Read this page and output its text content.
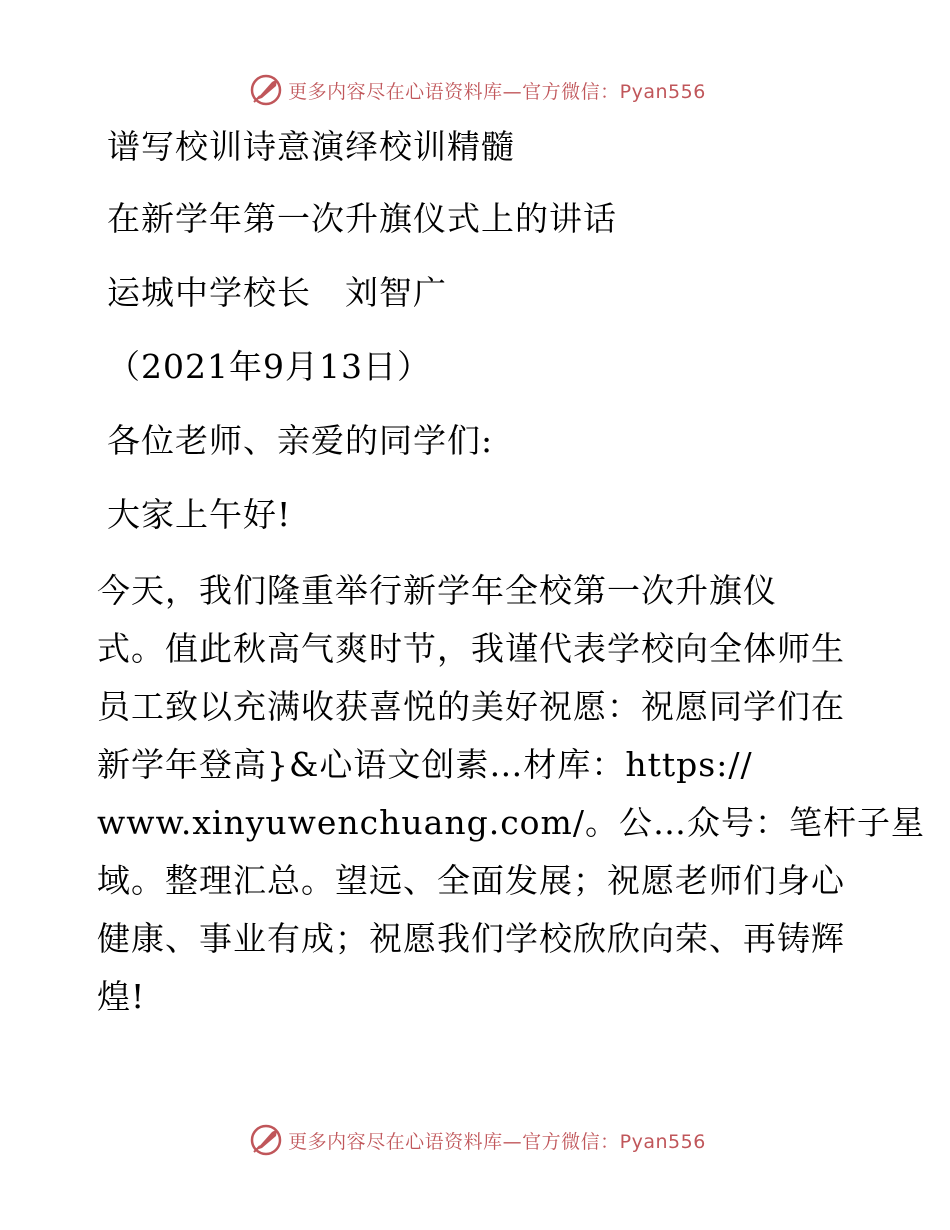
更多内容尽在心语资料库—官方微信：Pyan556
谱写校训诗意演绎校训精髓
在新学年第一次升旗仪式上的讲话
运城中学校长　刘智广
（2021年9月13日）
各位老师、亲爱的同学们:
大家上午好!
今天，我们隆重举行新学年全校第一次升旗仪
式。值此秋高气爽时节，我谨代表学校向全体师生
员工致以充满收获喜悦的美好祝愿：祝愿同学们在
新学年登高}&心语文创素…材库：https://
www.xinyuwenchuang.com/。公…众号：笔杆子星
域。整理汇总。望远、全面发展；祝愿老师们身心
健康、事业有成；祝愿我们学校欣欣向荣、再铸辉
煌!
更多内容尽在心语资料库—官方微信：Pyan556
